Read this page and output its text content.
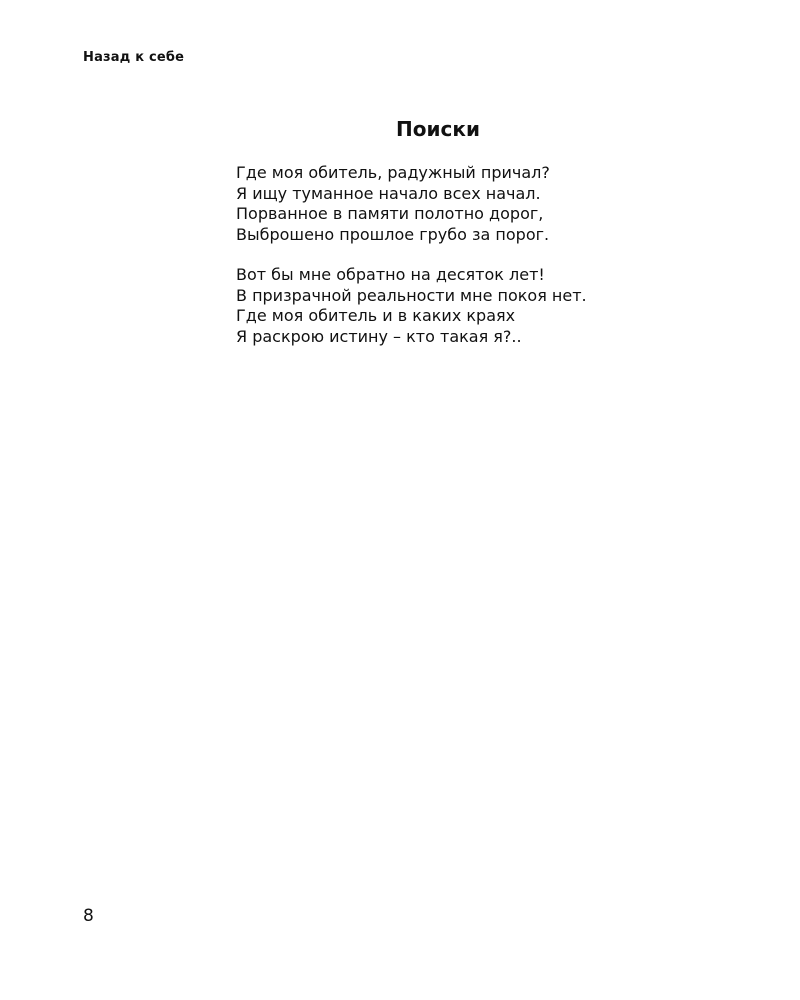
Назад к себе

Поиски
Где моя обитель, радужный причал?
Я ищу туманное начало всех начал.
Порванное в памяти полотно дорог,
Выброшено прошлое грубо за порог.
Вот бы мне обратно на десяток лет!
В призрачной реальности мне покоя нет.
Где моя обитель и в каких краях
Я раскрою истину – кто такая я?..

8
